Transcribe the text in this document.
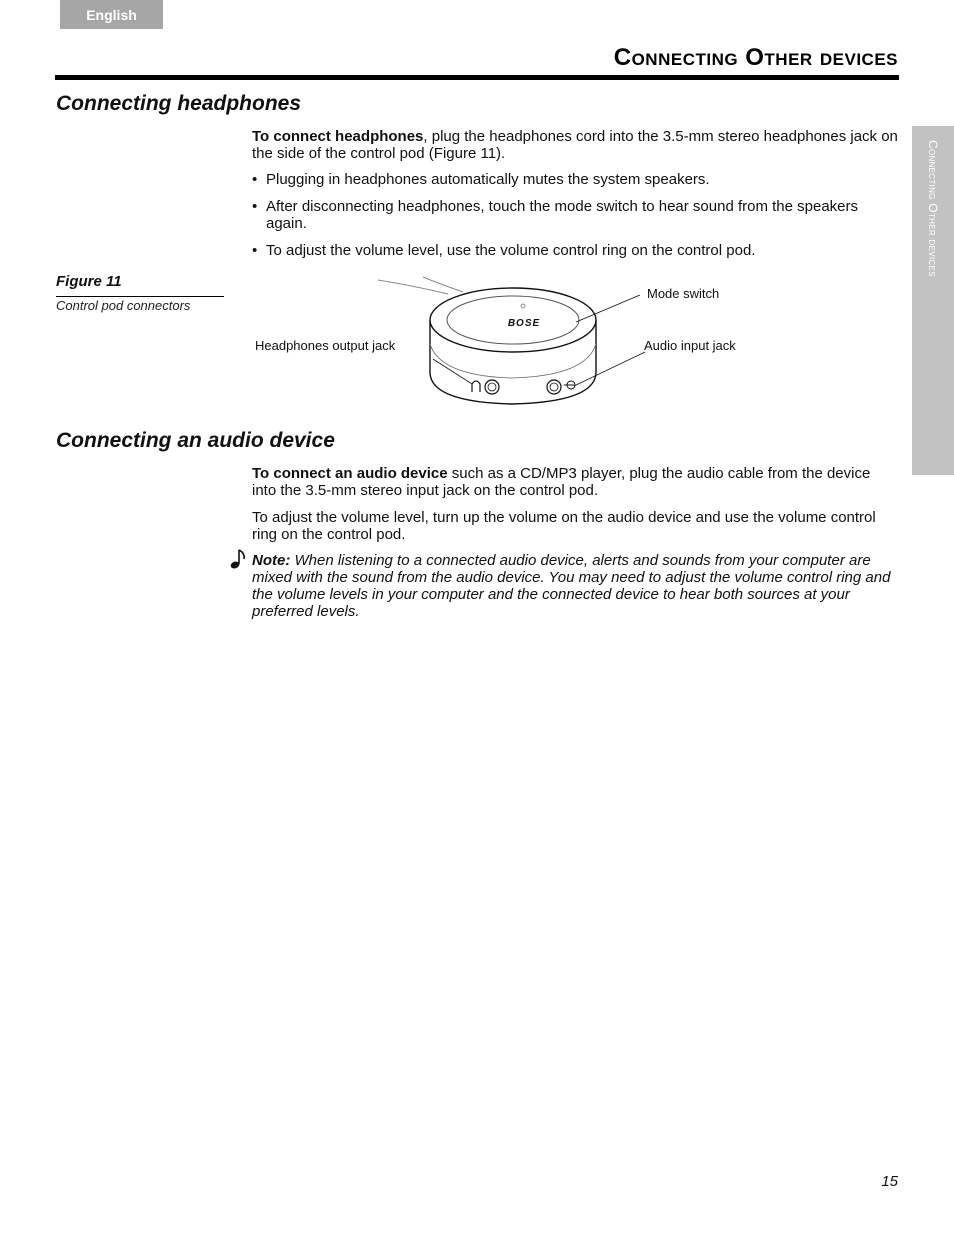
English
Connecting Other devices
Connecting Other devices
Connecting headphones
To connect headphones, plug the headphones cord into the 3.5-mm stereo headphones jack on the side of the control pod (Figure 11).
• Plugging in headphones automatically mutes the system speakers.
• After disconnecting headphones, touch the mode switch to hear sound from the speakers again.
• To adjust the volume level, use the volume control ring on the control pod.
Figure 11
Control pod connectors
BOSE
Mode switch
Headphones output jack	Audio input jack
Connecting an audio device
To connect an audio device such as a CD/MP3 player, plug the audio cable from the device into the 3.5-mm stereo input jack on the control pod.
To adjust the volume level, turn up the volume on the audio device and use the volume control ring on the control pod.
Note: When listening to a connected audio device, alerts and sounds from your computer are mixed with the sound from the audio device. You may need to adjust the volume control ring and the volume levels in your computer and the connected device to hear both sources at your preferred levels.
15
